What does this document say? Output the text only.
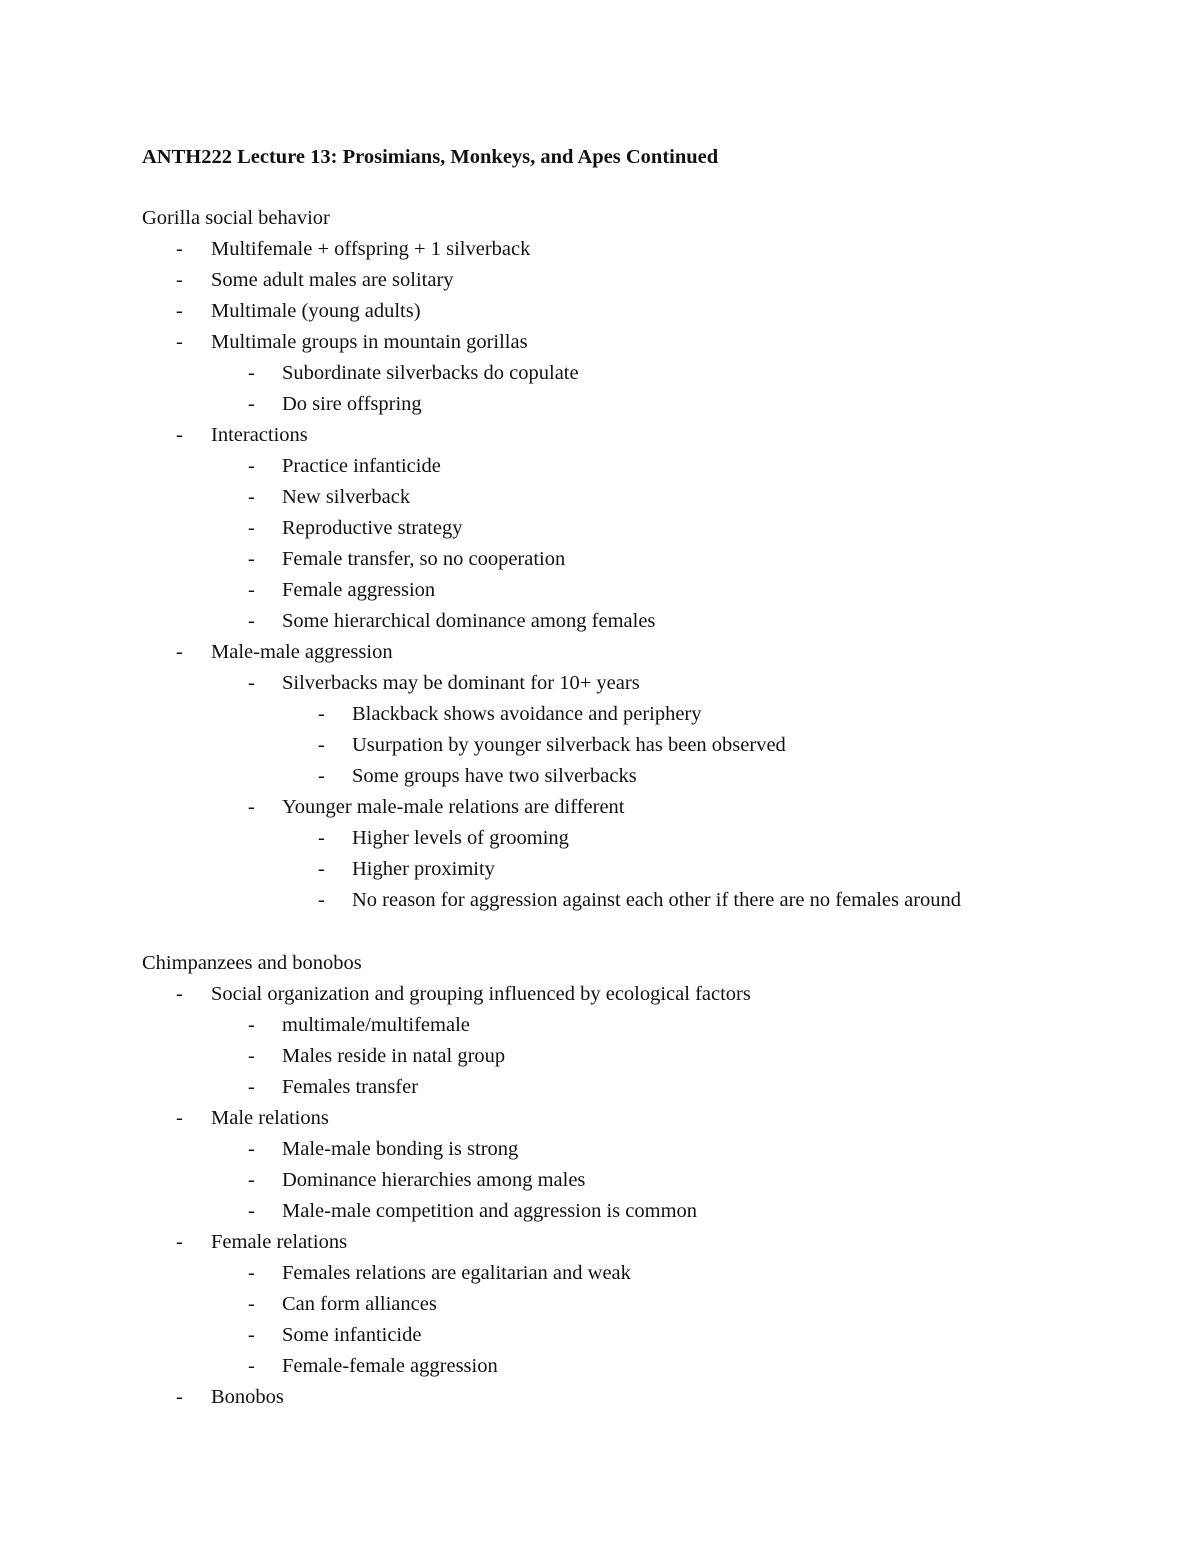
ANTH222 Lecture 13: Prosimians, Monkeys, and Apes Continued
Gorilla social behavior
- Multifemale + offspring + 1 silverback
- Some adult males are solitary
- Multimale (young adults)
- Multimale groups in mountain gorillas
- Subordinate silverbacks do copulate
- Do sire offspring
- Interactions
- Practice infanticide
- New silverback
- Reproductive strategy
- Female transfer, so no cooperation
- Female aggression
- Some hierarchical dominance among females
- Male-male aggression
- Silverbacks may be dominant for 10+ years
- Blackback shows avoidance and periphery
- Usurpation by younger silverback has been observed
- Some groups have two silverbacks
- Younger male-male relations are different
- Higher levels of grooming
- Higher proximity
- No reason for aggression against each other if there are no females around
Chimpanzees and bonobos
- Social organization and grouping influenced by ecological factors
- multimale/multifemale
- Males reside in natal group
- Females transfer
- Male relations
- Male-male bonding is strong
- Dominance hierarchies among males
- Male-male competition and aggression is common
- Female relations
- Females relations are egalitarian and weak
- Can form alliances
- Some infanticide
- Female-female aggression
- Bonobos
